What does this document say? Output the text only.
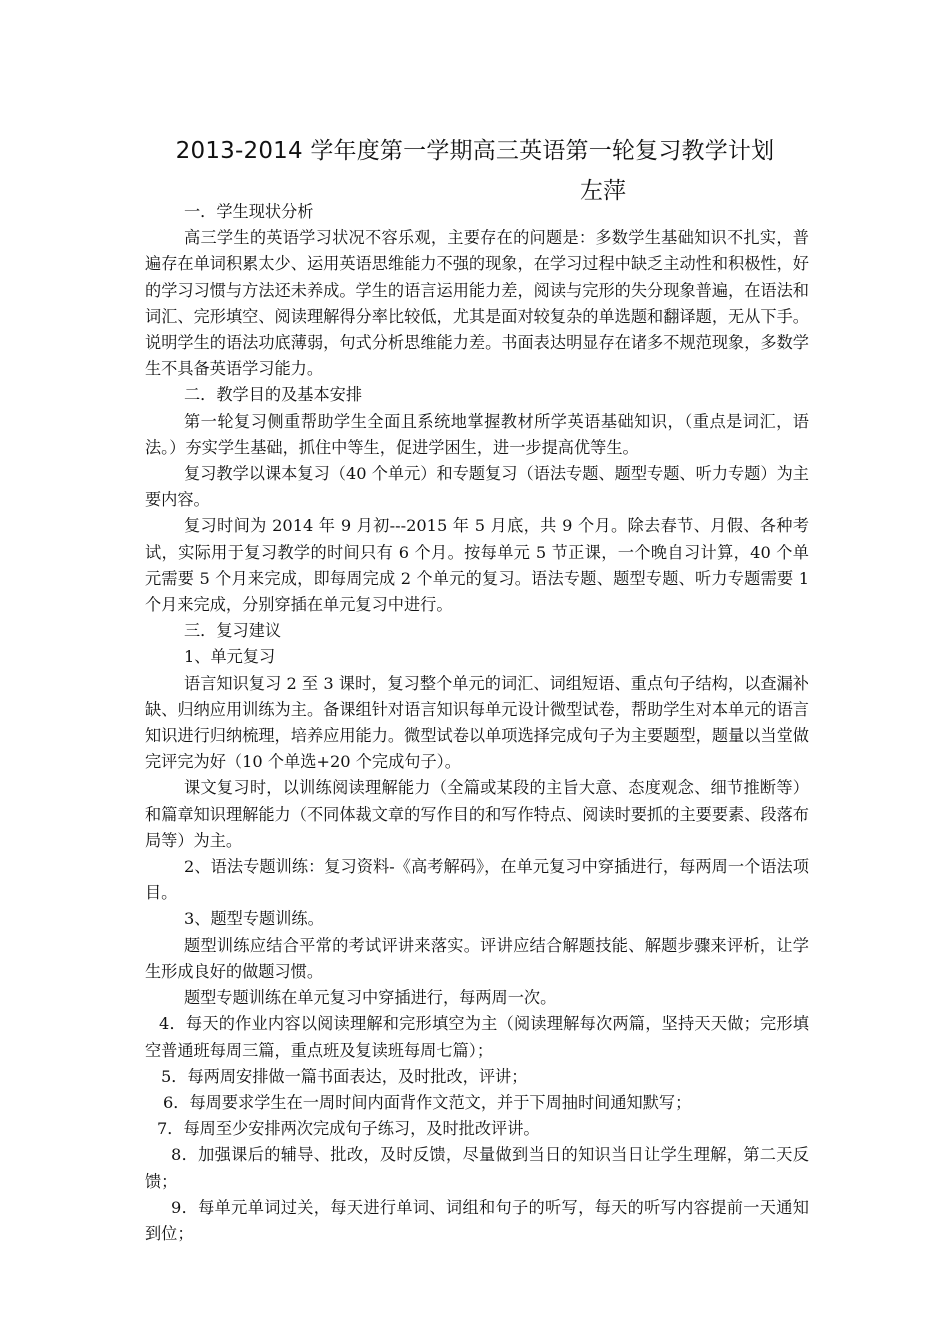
2013-2014 学年度第一学期高三英语第一轮复习教学计划
左萍

一．学生现状分析

高三学生的英语学习状况不容乐观，主要存在的问题是：多数学生基础知识不扎实，普遍存在单词积累太少、运用英语思维能力不强的现象，在学习过程中缺乏主动性和积极性，好的学习习惯与方法还未养成。学生的语言运用能力差，阅读与完形的失分现象普遍，在语法和词汇、完形填空、阅读理解得分率比较低，尤其是面对较复杂的单选题和翻译题，无从下手。说明学生的语法功底薄弱，句式分析思维能力差。书面表达明显存在诸多不规范现象，多数学生不具备英语学习能力。

二．教学目的及基本安排

第一轮复习侧重帮助学生全面且系统地掌握教材所学英语基础知识，（重点是词汇，语法。）夯实学生基础，抓住中等生，促进学困生，进一步提高优等生。

复习教学以课本复习（40 个单元）和专题复习（语法专题、题型专题、听力专题）为主要内容。

复习时间为 2014 年 9 月初---2015 年 5 月底，共 9 个月。除去春节、月假、各种考试，实际用于复习教学的时间只有 6 个月。按每单元 5 节正课，一个晚自习计算，40 个单元需要 5 个月来完成，即每周完成 2 个单元的复习。语法专题、题型专题、听力专题需要 1 个月来完成，分别穿插在单元复习中进行。

三．复习建议

1、单元复习

语言知识复习 2 至 3 课时，复习整个单元的词汇、词组短语、重点句子结构，以查漏补缺、归纳应用训练为主。备课组针对语言知识每单元设计微型试卷，帮助学生对本单元的语言知识进行归纳梳理，培养应用能力。微型试卷以单项选择完成句子为主要题型，题量以当堂做完评完为好（10 个单选+20 个完成句子）。

课文复习时，以训练阅读理解能力（全篇或某段的主旨大意、态度观念、细节推断等）和篇章知识理解能力（不同体裁文章的写作目的和写作特点、阅读时要抓的主要要素、段落布局等）为主。

2、语法专题训练：复习资料-《高考解码》，在单元复习中穿插进行，每两周一个语法项目。

3、题型专题训练。

题型训练应结合平常的考试评讲来落实。评讲应结合解题技能、解题步骤来评析，让学生形成良好的做题习惯。

题型专题训练在单元复习中穿插进行，每两周一次。

4．每天的作业内容以阅读理解和完形填空为主（阅读理解每次两篇，坚持天天做；完形填空普通班每周三篇，重点班及复读班每周七篇）；

5．每两周安排做一篇书面表达，及时批改，评讲；

6．每周要求学生在一周时间内面背作文范文，并于下周抽时间通知默写；

7．每周至少安排两次完成句子练习，及时批改评讲。

8．加强课后的辅导、批改，及时反馈，尽量做到当日的知识当日让学生理解，第二天反馈；

9．每单元单词过关，每天进行单词、词组和句子的听写，每天的听写内容提前一天通知到位；
